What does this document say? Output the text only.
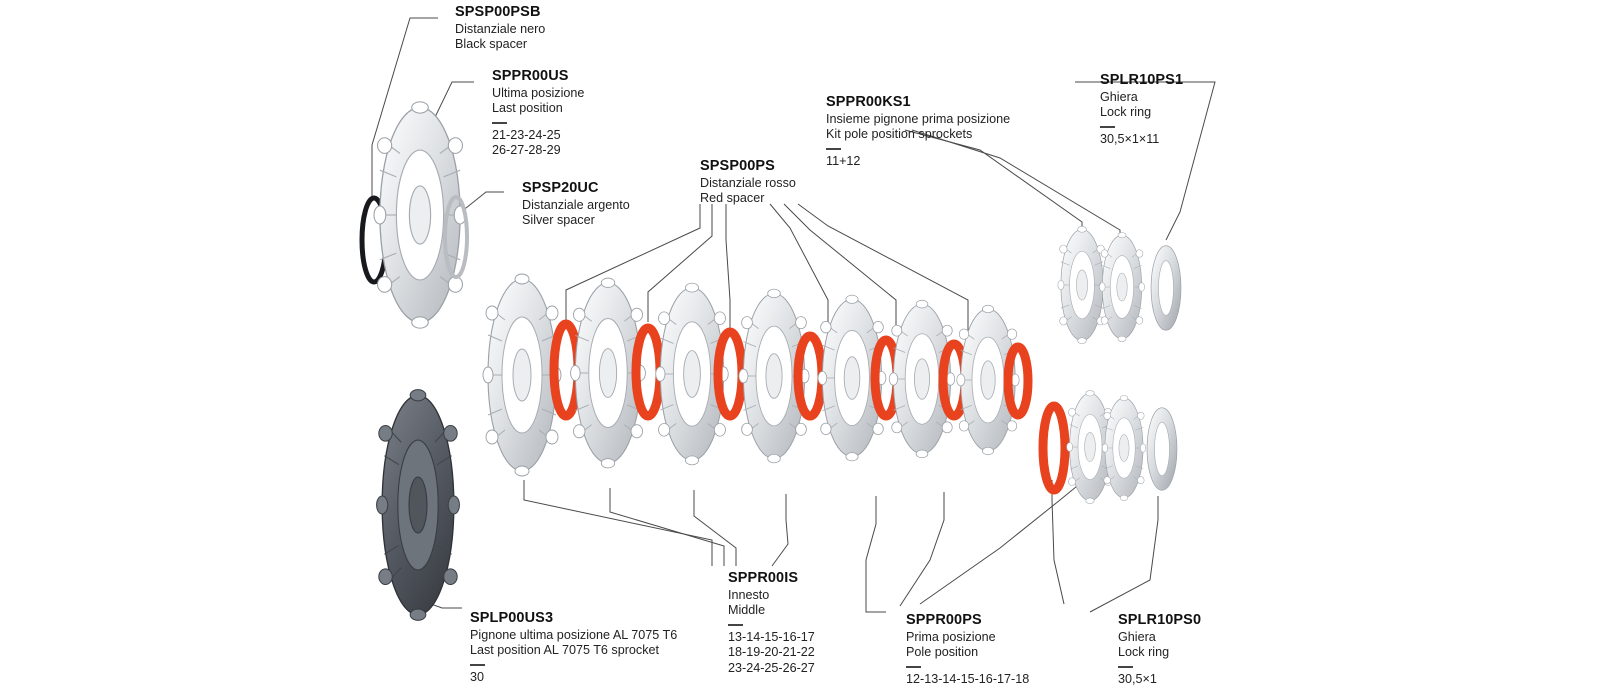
SPSP00PSB
Distanziale nero
Black spacer
SPPR00US
Ultima posizione
Last position
21-23-24-25
26-27-28-29
SPSP20UC
Distanziale argento
Silver spacer
SPSP00PS
Distanziale rosso
Red spacer
SPPR00KS1
Insieme pignone prima posizione
Kit pole position sprockets
11+12
SPLR10PS1
Ghiera
Lock ring
30,5×1×11
SPLP00US3
Pignone ultima posizione AL 7075 T6
Last position AL 7075 T6 sprocket
30
SPPR00IS
Innesto
Middle
13-14-15-16-17
18-19-20-21-22
23-24-25-26-27
SPPR00PS
Prima posizione
Pole position
12-13-14-15-16-17-18
SPLR10PS0
Ghiera
Lock ring
30,5×1
